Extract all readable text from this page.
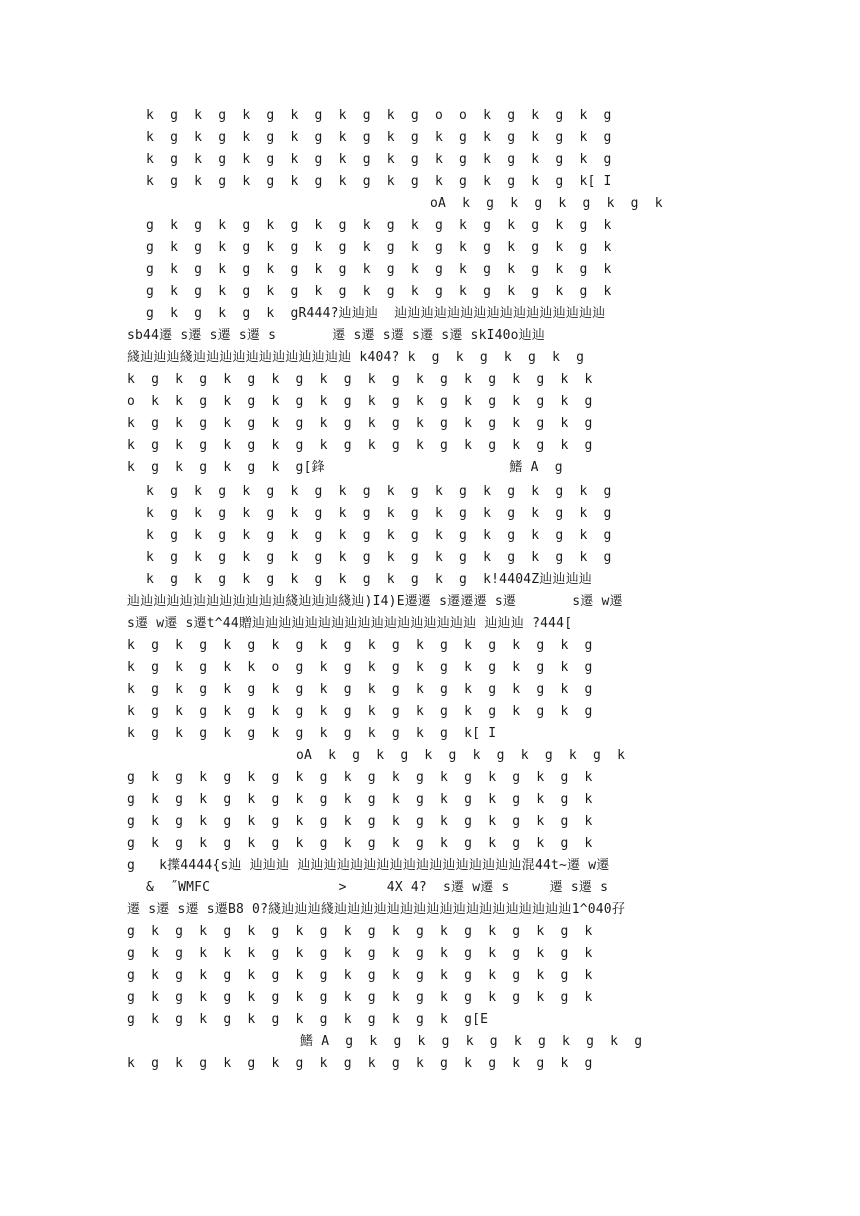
k  g  k  g  k  g  k  g  k  g  k  g  o  o  k  g  k  g  k  g
k  g  k  g  k  g  k  g  k  g  k  g  k  g  k  g  k  g  k  g
k  g  k  g  k  g  k  g  k  g  k  g  k  g  k  g  k  g  k  g
k  g  k  g  k  g  k  g  k  g  k  g  k  g  k  g  k  g  k[ I
oA  k  g  k  g  k  g  k  g  k
g  k  g  k  g  k  g  k  g  k  g  k  g  k  g  k  g  k  g  k
g  k  g  k  g  k  g  k  g  k  g  k  g  k  g  k  g  k  g  k
g  k  g  k  g  k  g  k  g  k  g  k  g  k  g  k  g  k  g  k
g  k  g  k  g  k  g  k  g  k  g  k  g  k  g  k  g  k  g  k
g  k  g  k  g  k  gR444?辿辿辿  辿辿辿辿辿辿辿辿辿辿辿辿辿辿辿辿
sb44遷 s遷 s遷 s遷 s       遷 s遷 s遷 s遷 s遷 skI40o辿辿
綫辿辿辿綫辿辿辿辿辿辿辿辿辿辿辿辿 k404? k  g  k  g  k  g  k  g
k  g  k  g  k  g  k  g  k  g  k  g  k  g  k  g  k  g  k  k
o  k  k  g  k  g  k  g  k  g  k  g  k  g  k  g  k  g  k  g
k  g  k  g  k  g  k  g  k  g  k  g  k  g  k  g  k  g  k  g
k  g  k  g  k  g  k  g  k  g  k  g  k  g  k  g  k  g  k  g
k  g  k  g  k  g  k  g[鋒                       鰭 A  g
k  g  k  g  k  g  k  g  k  g  k  g  k  g  k  g  k  g  k  g
k  g  k  g  k  g  k  g  k  g  k  g  k  g  k  g  k  g  k  g
k  g  k  g  k  g  k  g  k  g  k  g  k  g  k  g  k  g  k  g
k  g  k  g  k  g  k  g  k  g  k  g  k  g  k  g  k  g  k  g
k  g  k  g  k  g  k  g  k  g  k  g  k  g  k!4404Z辿辿辿辿
辿辿辿辿辿辿辿辿辿辿辿辿綫辿辿辿綫辿)I4)E遷遷 s遷遷遷 s遷       s遷 w遷
s遷 w遷 s遷t^44贈辿辿辿辿辿辿辿辿辿辿辿辿辿辿辿辿辿 辿辿辿 ?444[
k  g  k  g  k  g  k  g  k  g  k  g  k  g  k  g  k  g  k  g
k  g  k  g  k  k  o  g  k  g  k  g  k  g  k  g  k  g  k  g
k  g  k  g  k  g  k  g  k  g  k  g  k  g  k  g  k  g  k  g
k  g  k  g  k  g  k  g  k  g  k  g  k  g  k  g  k  g  k  g
k  g  k  g  k  g  k  g  k  g  k  g  k  g  k[ I
oA  k  g  k  g  k  g  k  g  k  g  k  g  k
g  k  g  k  g  k  g  k  g  k  g  k  g  k  g  k  g  k  g  k
g  k  g  k  g  k  g  k  g  k  g  k  g  k  g  k  g  k  g  k
g  k  g  k  g  k  g  k  g  k  g  k  g  k  g  k  g  k  g  k
g  k  g  k  g  k  g  k  g  k  g  k  g  k  g  k  g  k  g  k
g   k擛4444{s辿 辿辿辿 辿辿辿辿辿辿辿辿辿辿辿辿辿辿辿辿辿混44t~遷 w遷
&  ˝WMFC                >     4X 4?  s遷 w遷 s     遷 s遷 s
遷 s遷 s遷 s遷B8 0?綫辿辿辿綫辿辿辿辿辿辿辿辿辿辿辿辿辿辿辿辿辿辿1^040孖
g  k  g  k  g  k  g  k  g  k  g  k  g  k  g  k  g  k  g  k
g  k  g  k  k  k  g  k  g  k  g  k  g  k  g  k  g  k  g  k
g  k  g  k  g  k  g  k  g  k  g  k  g  k  g  k  g  k  g  k
g  k  g  k  g  k  g  k  g  k  g  k  g  k  g  k  g  k  g  k
g  k  g  k  g  k  g  k  g  k  g  k  g  k  g[E
鰭 A  g  k  g  k  g  k  g  k  g  k  g  k  g
k  g  k  g  k  g  k  g  k  g  k  g  k  g  k  g  k  g  k  g
